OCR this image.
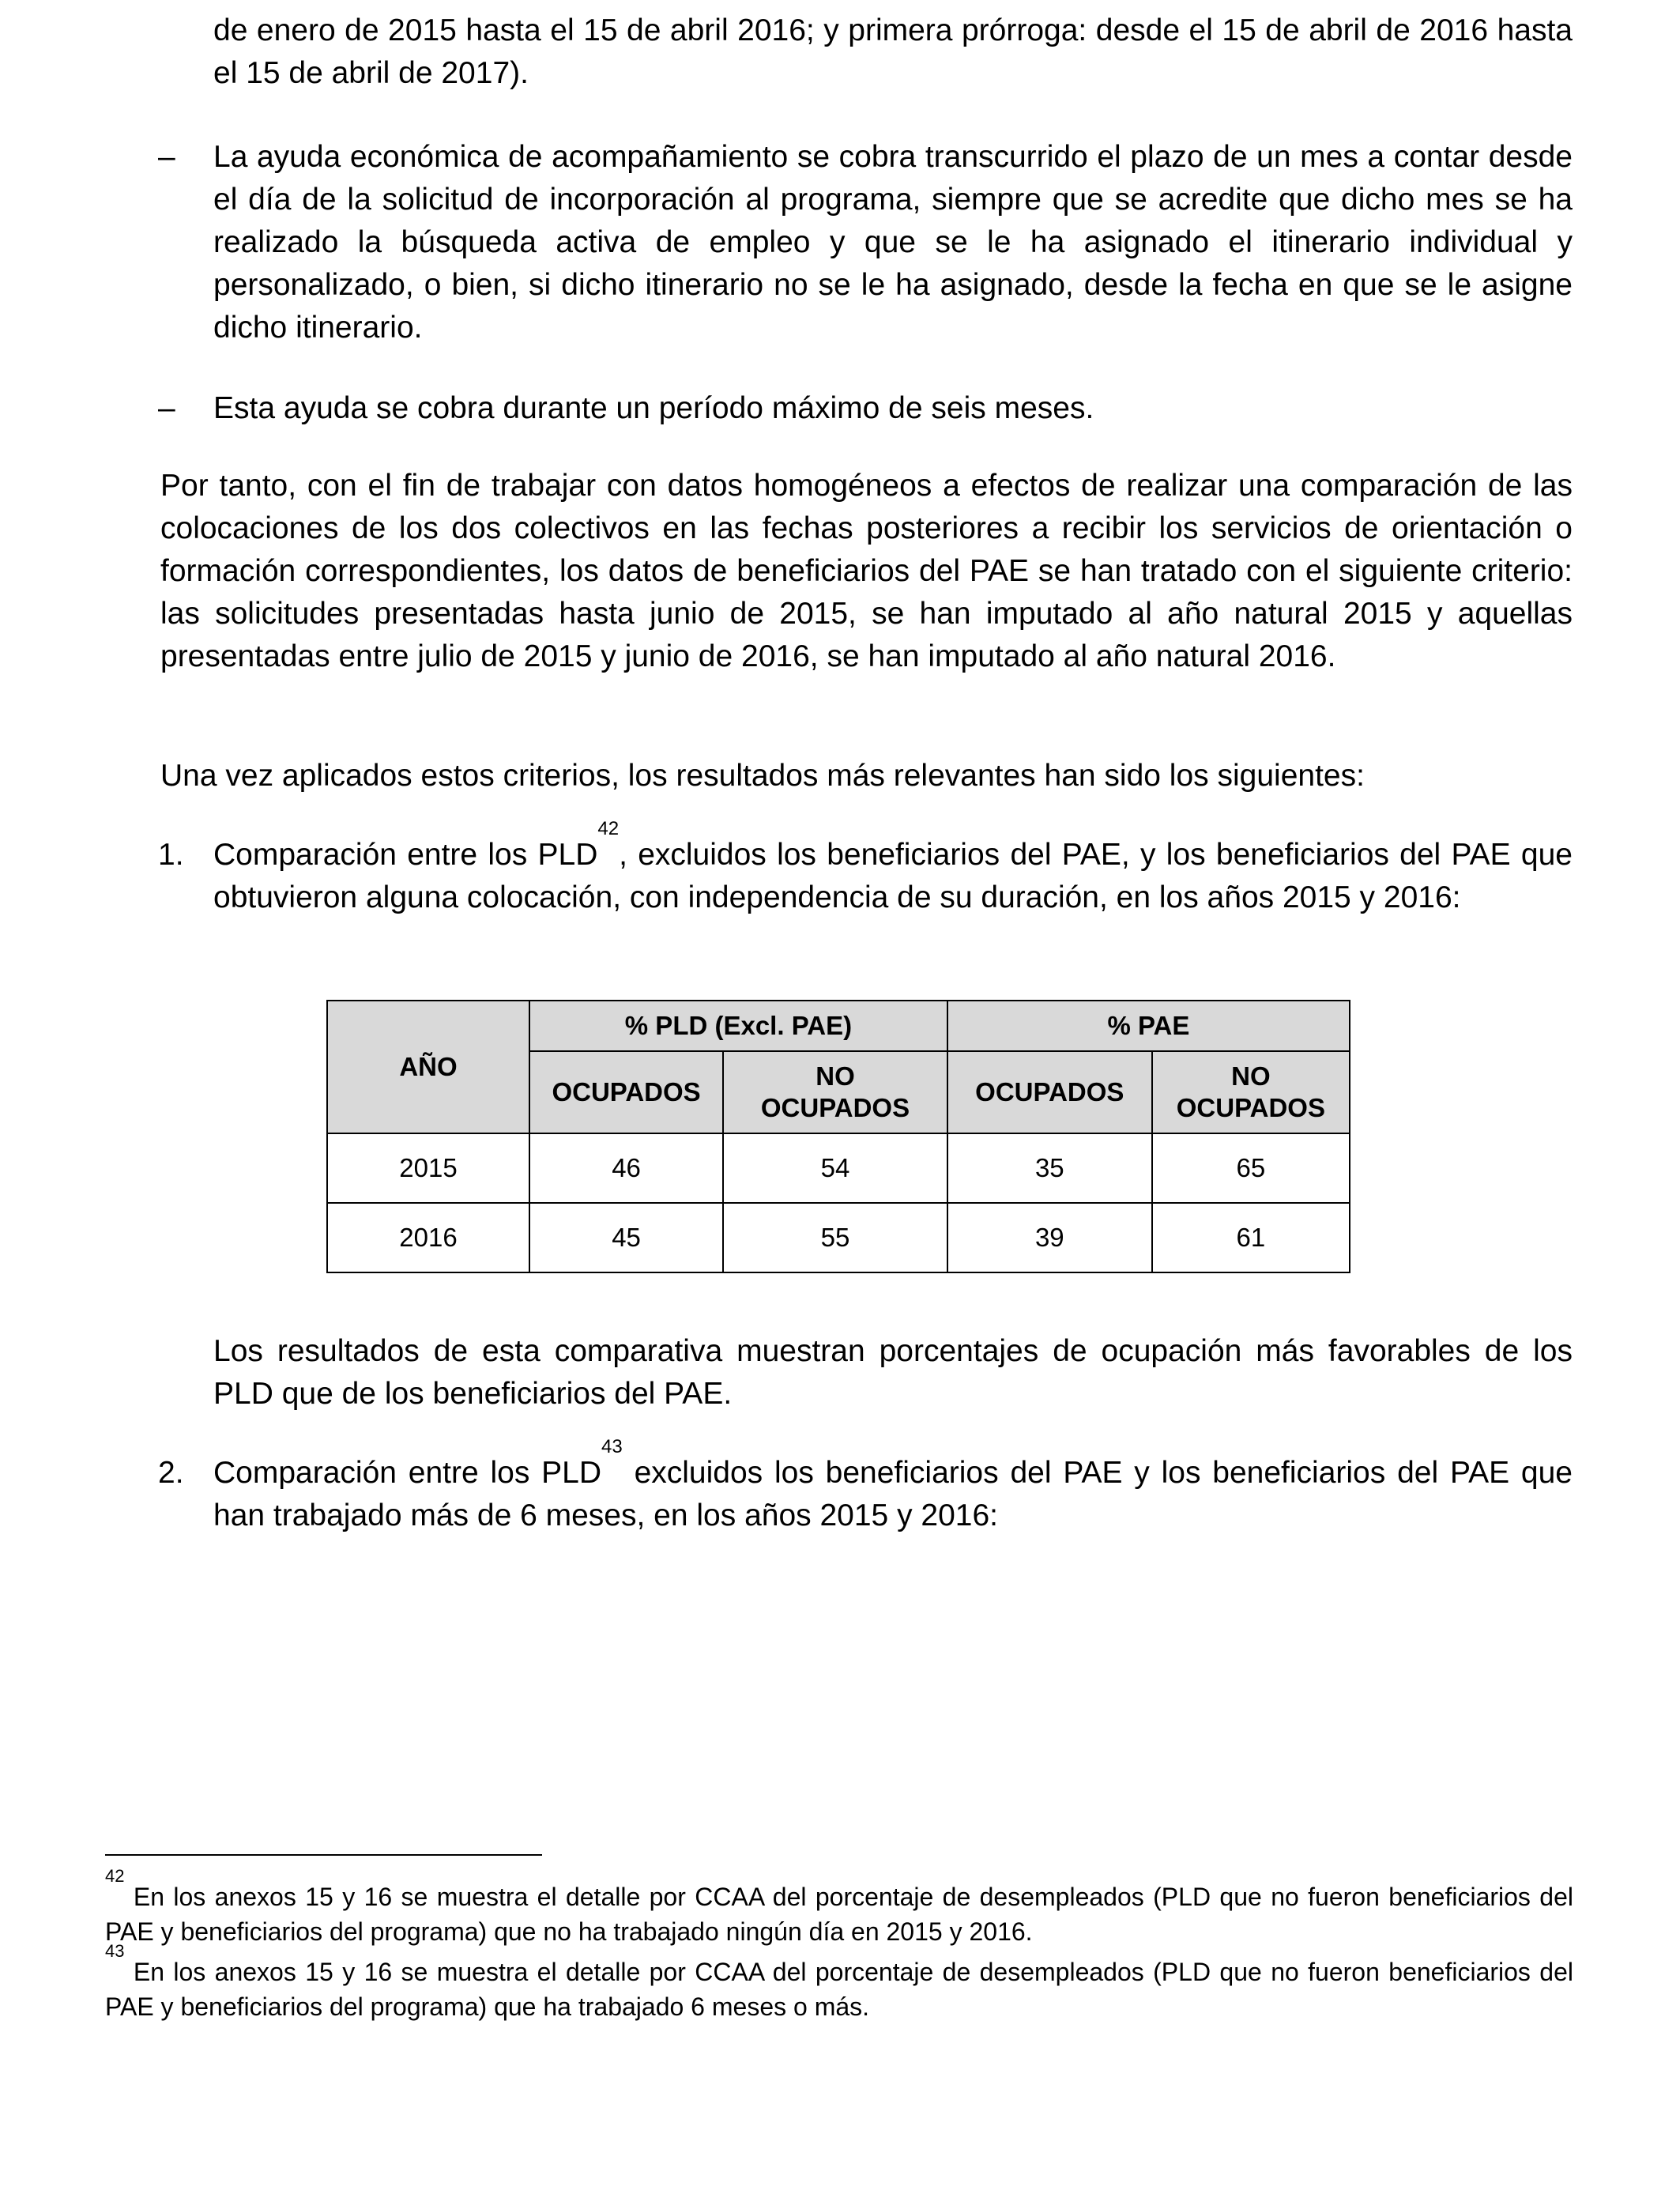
de enero de 2015 hasta el 15 de abril 2016; y primera prórroga: desde el 15 de abril de 2016 hasta el 15 de abril de 2017).

– La ayuda económica de acompañamiento se cobra transcurrido el plazo de un mes a contar desde el día de la solicitud de incorporación al programa, siempre que se acredite que dicho mes se ha realizado la búsqueda activa de empleo y que se le ha asignado el itinerario individual y personalizado, o bien, si dicho itinerario no se le ha asignado, desde la fecha en que se le asigne dicho itinerario.

– Esta ayuda se cobra durante un período máximo de seis meses.

Por tanto, con el fin de trabajar con datos homogéneos a efectos de realizar una comparación de las colocaciones de los dos colectivos en las fechas posteriores a recibir los servicios de orientación o formación correspondientes, los datos de beneficiarios del PAE se han tratado con el siguiente criterio: las solicitudes presentadas hasta junio de 2015, se han imputado al año natural 2015 y aquellas presentadas entre julio de 2015 y junio de 2016, se han imputado al año natural 2016.

Una vez aplicados estos criterios, los resultados más relevantes han sido los siguientes:

1. Comparación entre los PLD$^{42}$, excluidos los beneficiarios del PAE, y los beneficiarios del PAE que obtuvieron alguna colocación, con independencia de su duración, en los años 2015 y 2016:

AÑO	% PLD (Excl. PAE)		% PAE	
	OCUPADOS	NO OCUPADOS	OCUPADOS	NO OCUPADOS
2015	46	54	35	65
2016	45	55	39	61

Los resultados de esta comparativa muestran porcentajes de ocupación más favorables de los PLD que de los beneficiarios del PAE.

2. Comparación entre los PLD$^{43}$ excluidos los beneficiarios del PAE y los beneficiarios del PAE que han trabajado más de 6 meses, en los años 2015 y 2016:

$^{42}$ En los anexos 15 y 16 se muestra el detalle por CCAA del porcentaje de desempleados (PLD que no fueron beneficiarios del PAE y beneficiarios del programa) que no ha trabajado ningún día en 2015 y 2016.
$^{43}$ En los anexos 15 y 16 se muestra el detalle por CCAA del porcentaje de desempleados (PLD que no fueron beneficiarios del PAE y beneficiarios del programa) que ha trabajado 6 meses o más.
